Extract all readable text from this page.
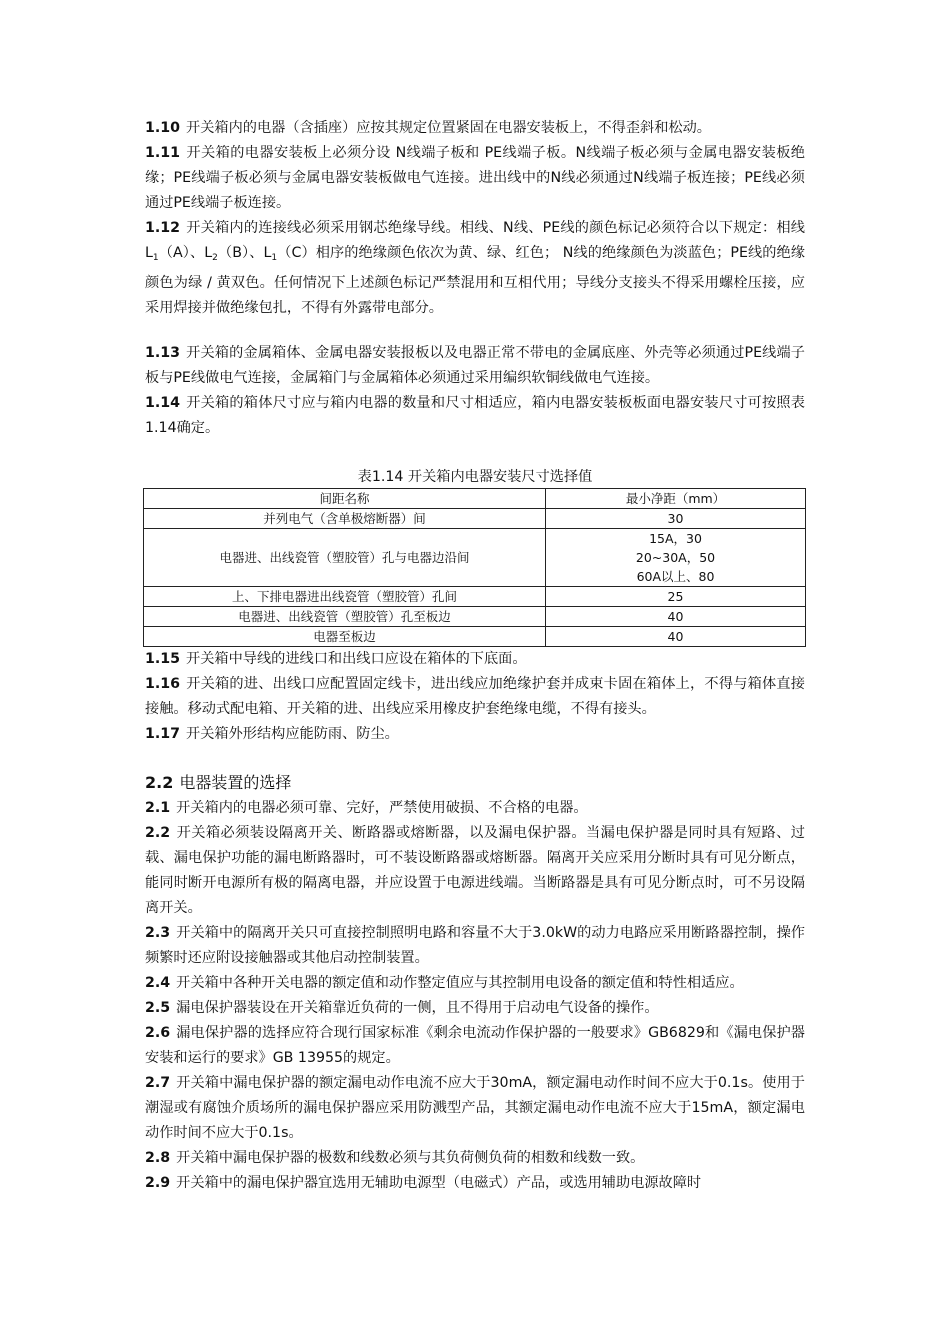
1.10 开关箱内的电器（含插座）应按其规定位置紧固在电器安装板上，不得歪斜和松动。

1.11 开关箱的电器安装板上必须分设 N线端子板和 PE线端子板。N线端子板必须与金属电器安装板绝缘；PE线端子板必须与金属电器安装板做电气连接。进出线中的N线必须通过N线端子板连接；PE线必须通过PE线端子板连接。

1.12 开关箱内的连接线必须采用钢芯绝缘导线。相线、N线、PE线的颜色标记必须符合以下规定：相线$L_1(A)$、$L_2(B)$、$L_1(C)$相序的绝缘颜色依次为黄、绿、红色； N线的绝缘颜色为淡蓝色；PE线的绝缘颜色为绿 / 黄双色。任何情况下上述颜色标记严禁混用和互相代用；导线分支接头不得采用螺栓压接，应采用焊接并做绝缘包扎，不得有外露带电部分。

1.13 开关箱的金属箱体、金属电器安装报板以及电器正常不带电的金属底座、外壳等必须通过PE线端子板与PE线做电气连接，金属箱门与金属箱体必须通过采用编织软铜线做电气连接。

1.14 开关箱的箱体尺寸应与箱内电器的数量和尺寸相适应，箱内电器安装板板面电器安装尺寸可按照表1.14确定。

表1.14 开关箱内电器安装尺寸选择值
间距名称	最小净距（mm）
并列电气（含单极熔断器）间	30
电器进、出线瓷管（塑胶管）孔与电器边沿间	15A，30
20~30A，50
60A以上、80

上、下排电器进出线瓷管（塑胶管）孔间	25
电器进、出线瓷管（塑胶管）孔至板边	40
电器至板边	40

1.15 开关箱中导线的进线口和出线口应设在箱体的下底面。

1.16 开关箱的进、出线口应配置固定线卡，进出线应加绝缘护套并成束卡固在箱体上，不得与箱体直接接触。移动式配电箱、开关箱的进、出线应采用橡皮护套绝缘电缆，不得有接头。

1.17 开关箱外形结构应能防雨、防尘。

2.2 电器装置的选择

2.1 开关箱内的电器必须可靠、完好，严禁使用破损、不合格的电器。

2.2 开关箱必须装设隔离开关、断路器或熔断器，以及漏电保护器。当漏电保护器是同时具有短路、过载、漏电保护功能的漏电断路器时，可不装设断路器或熔断器。隔离开关应采用分断时具有可见分断点，能同时断开电源所有极的隔离电器，并应设置于电源进线端。当断路器是具有可见分断点时，可不另设隔离开关。

2.3 开关箱中的隔离开关只可直接控制照明电路和容量不大于3.0kW的动力电路应采用断路器控制，操作频繁时还应附设接触器或其他启动控制装置。

2.4 开关箱中各种开关电器的额定值和动作整定值应与其控制用电设备的额定值和特性相适应。

2.5 漏电保护器装设在开关箱靠近负荷的一侧，且不得用于启动电气设备的操作。

2.6 漏电保护器的选择应符合现行国家标准《剩余电流动作保护器的一般要求》GB6829和《漏电保护器安装和运行的要求》GB 13955的规定。

2.7 开关箱中漏电保护器的额定漏电动作电流不应大于30mA，额定漏电动作时间不应大于0.1s。使用于潮湿或有腐蚀介质场所的漏电保护器应采用防溅型产品，其额定漏电动作电流不应大于15mA，额定漏电动作时间不应大于0.1s。

2.8 开关箱中漏电保护器的极数和线数必须与其负荷侧负荷的相数和线数一致。

2.9 开关箱中的漏电保护器宜选用无辅助电源型（电磁式）产品，或选用辅助电源故障时
